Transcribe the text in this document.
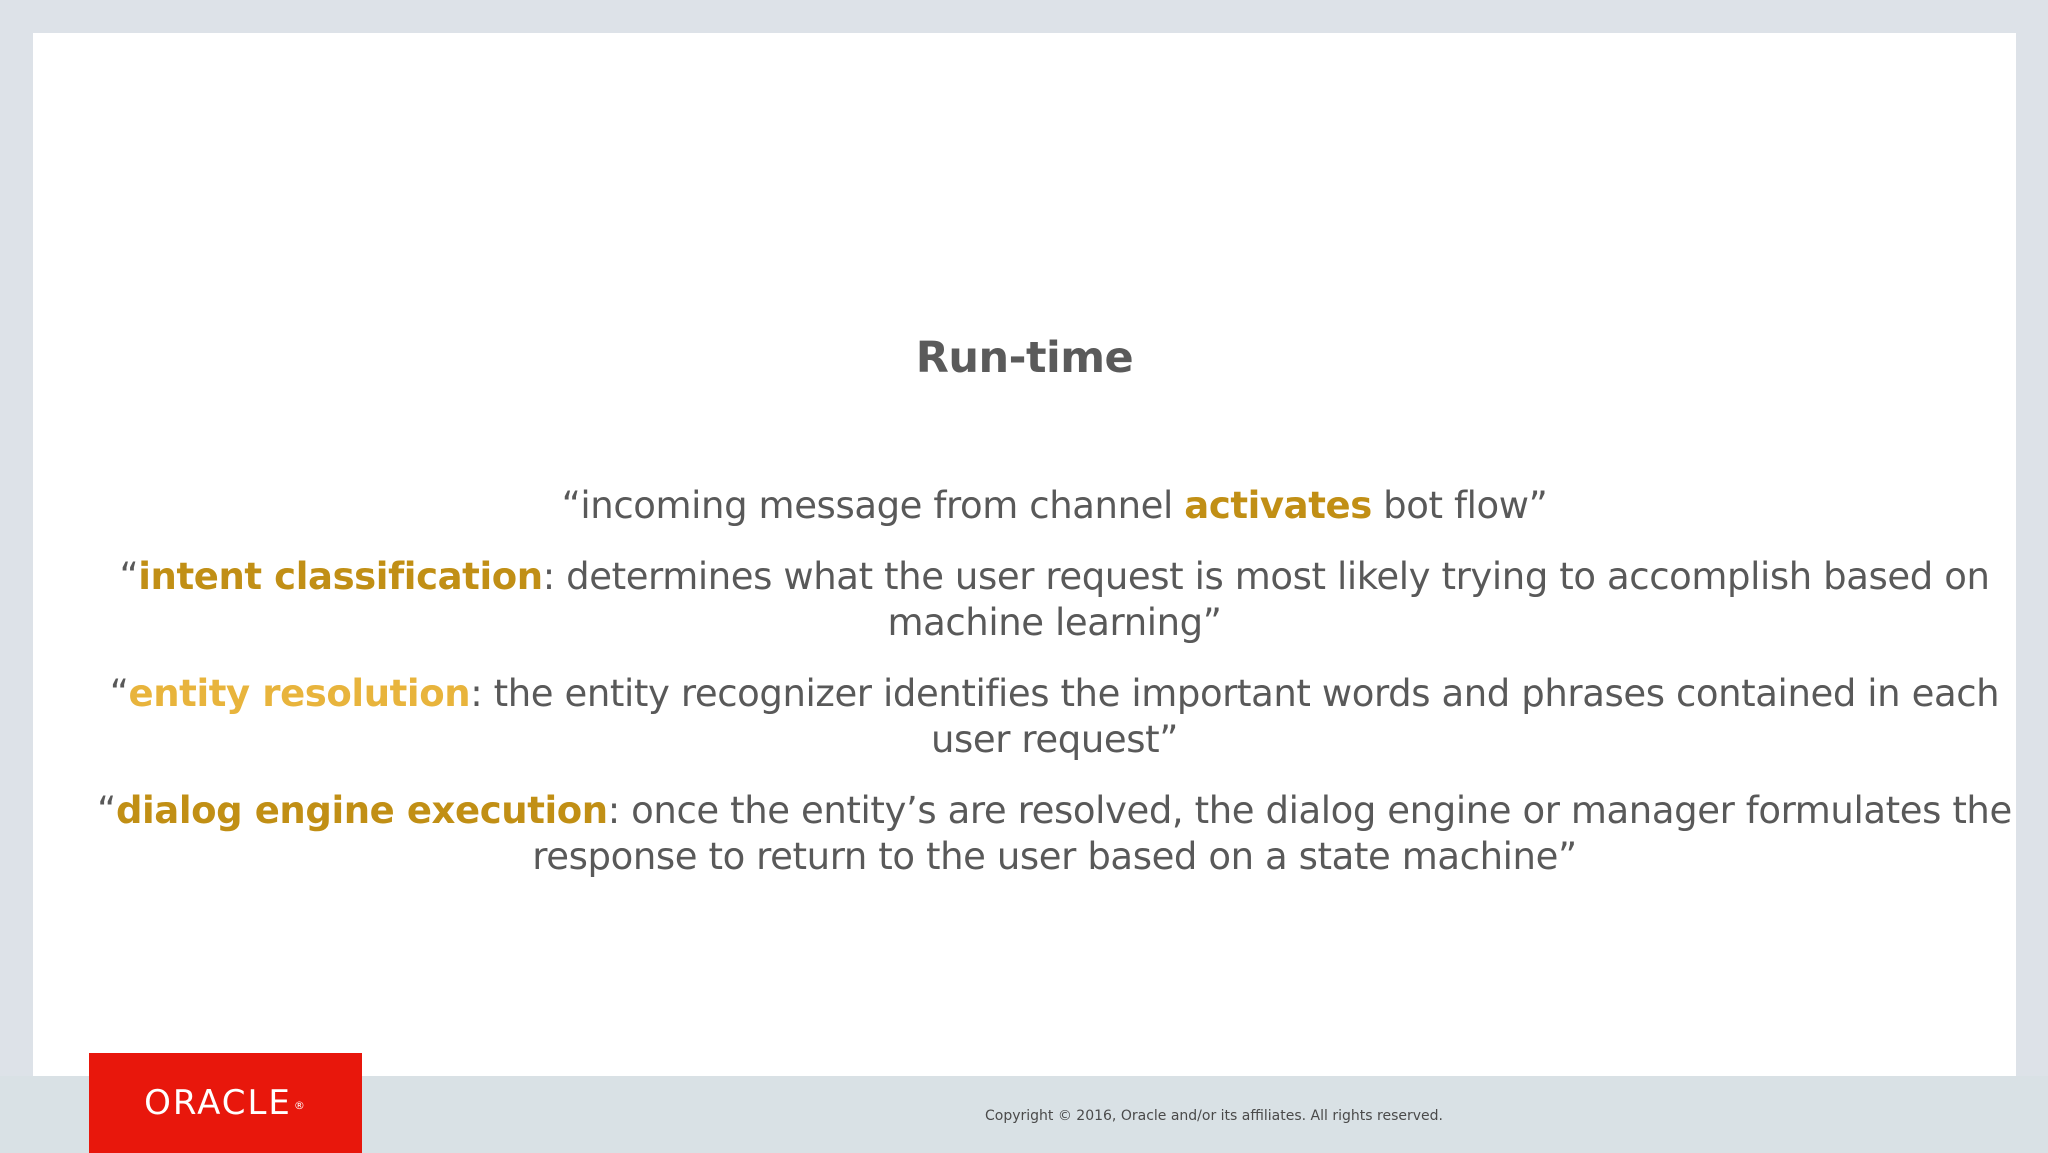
Run-time

“incoming message from channel activates bot flow”

“intent classification: determines what the user request is most likely trying to accomplish based on machine learning”

“entity resolution: the entity recognizer identifies the important words and phrases contained in each user request”

“dialog engine execution: once the entity’s are resolved, the dialog engine or manager formulates the response to return to the user based on a state machine”

ORACLE ®
Copyright © 2016, Oracle and/or its affiliates. All rights reserved.
